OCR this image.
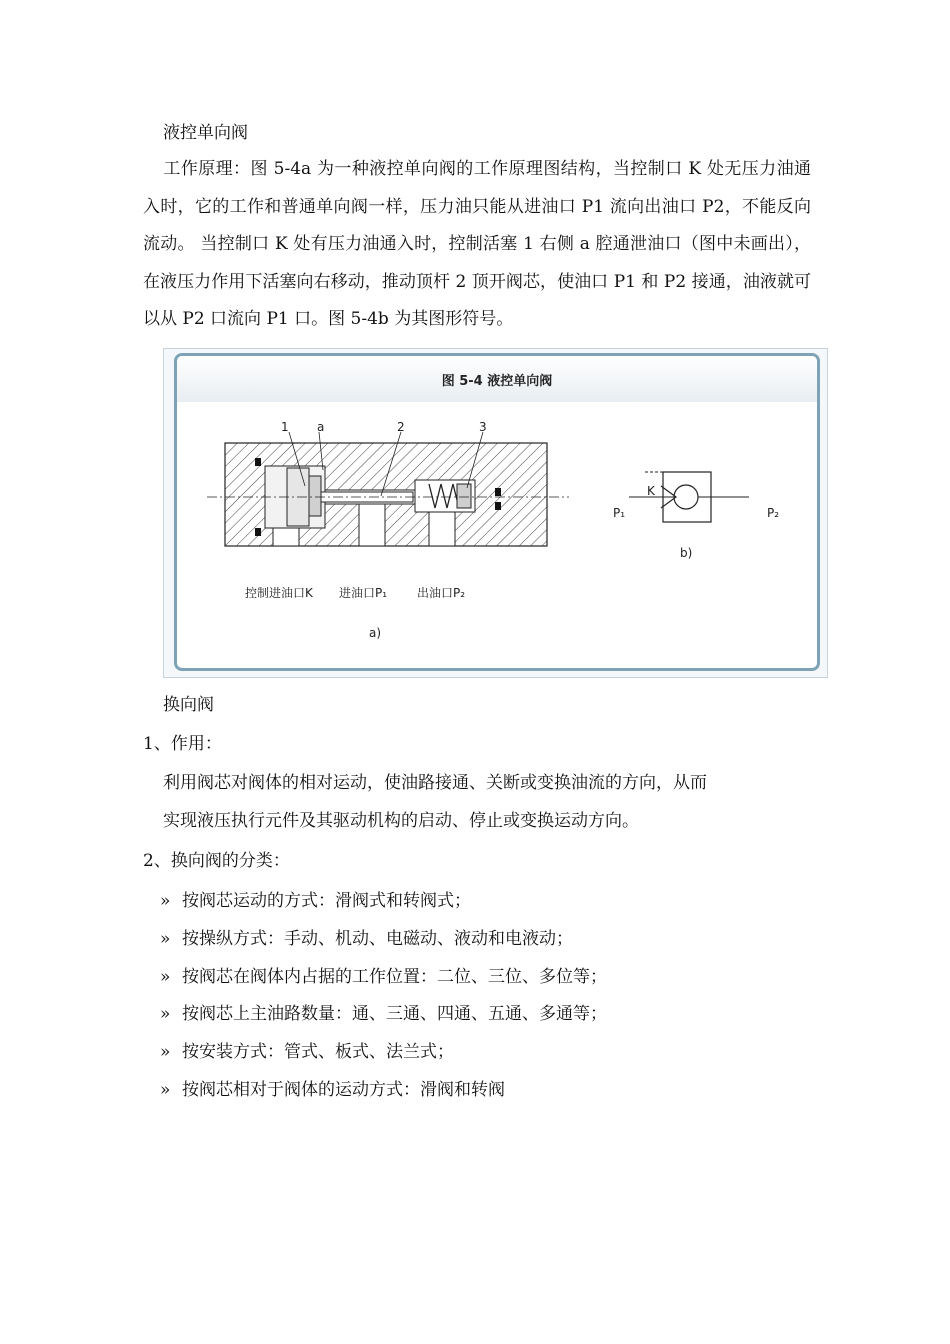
液控单向阀

工作原理：图 5-4a 为一种液控单向阀的工作原理图结构，当控制口 K 处无压力油通入时，它的工作和普通单向阀一样，压力油只能从进油口 P1 流向出油口 P2，不能反向流动。 当控制口 K 处有压力油通入时，控制活塞 1 右侧 a 腔通泄油口（图中未画出），在液压力作用下活塞向右移动，推动顶杆 2 顶开阀芯，使油口 P1 和 P2 接通，油液就可以从 P2 口流向 P1 口。图 5-4b 为其图形符号。

图 5-4 液控单向阀
1 a	2	3
控制进油口K 进油口P₁ 出油口P₂
a)
b)
K
P₁	P₂
换向阀
1、作用：
利用阀芯对阀体的相对运动，使油路接通、关断或变换油流的方向，从而
实现液压执行元件及其驱动机构的启动、停止或变换运动方向。
2、换向阀的分类：
» 按阀芯运动的方式：滑阀式和转阀式；
» 按操纵方式：手动、机动、电磁动、液动和电液动；
» 按阀芯在阀体内占据的工作位置：二位、三位、多位等；
» 按阀芯上主油路数量：通、三通、四通、五通、多通等；
» 按安装方式：管式、板式、法兰式；
» 按阀芯相对于阀体的运动方式：滑阀和转阀
